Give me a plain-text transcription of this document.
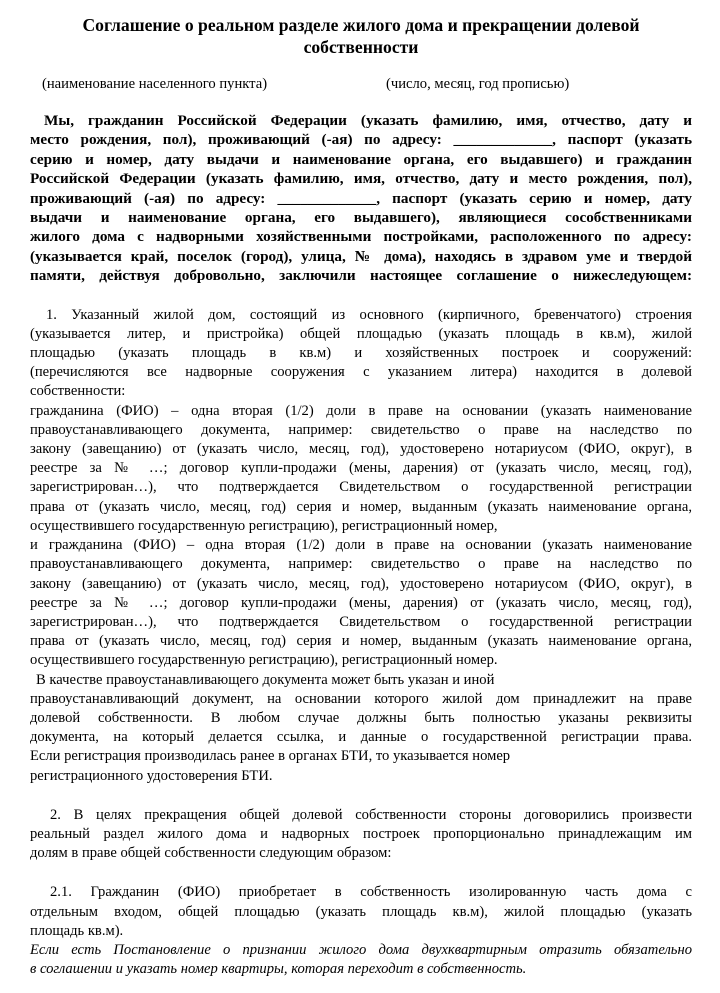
Соглашение о реальном разделе жилого дома и прекращении долевой собственности
(наименование населенного пункта)	(число, месяц, год прописью)
Мы, гражданин Российской Федерации (указать фамилию, имя, отчество, дату и
место рождения, пол), проживающий (-ая) по адресу: _____________, паспорт (указать
серию и номер, дату выдачи и наименование органа, его выдавшего) и гражданин
Российской Федерации (указать фамилию, имя, отчество, дату и место рождения, пол),
проживающий (-ая) по адресу: _____________, паспорт (указать серию и номер, дату
выдачи и наименование органа, его выдавшего), являющиеся сособственниками
жилого дома с надворными хозяйственными постройками, расположенного по адресу:
(указывается край, поселок (город), улица, № дома), находясь в здравом уме и твердой
памяти, действуя добровольно, заключили настоящее соглашение о нижеследующем:
1. Указанный жилой дом, состоящий из основного (кирпичного, бревенчатого) строения
(указывается литер, и пристройка) общей площадью (указать площадь в кв.м), жилой
площадью (указать площадь в кв.м) и хозяйственных построек и сооружений:
(перечисляются все надворные сооружения с указанием литера) находится в долевой
собственности:
гражданина (ФИО) – одна вторая (1/2) доли в праве на основании (указать наименование
правоустанавливающего документа, например: свидетельство о праве на наследство по
закону (завещанию) от (указать число, месяц, год), удостоверено нотариусом (ФИО, округ), в
реестре за № …; договор купли-продажи (мены, дарения) от (указать число, месяц, год),
зарегистрирован…), что подтверждается Свидетельством о государственной регистрации
права от (указать число, месяц, год) серия и номер, выданным (указать наименование органа,
осуществившего государственную регистрацию), регистрационный номер,
и гражданина (ФИО) – одна вторая (1/2) доли в праве на основании (указать наименование
правоустанавливающего документа, например: свидетельство о праве на наследство по
закону (завещанию) от (указать число, месяц, год), удостоверено нотариусом (ФИО, округ), в
реестре за № …; договор купли-продажи (мены, дарения) от (указать число, месяц, год),
зарегистрирован…), что подтверждается Свидетельством о государственной регистрации
права от (указать число, месяц, год) серия и номер, выданным (указать наименование органа,
осуществившего государственную регистрацию), регистрационный номер.
В качестве правоустанавливающего документа может быть указан и иной
правоустанавливающий документ, на основании которого жилой дом принадлежит на праве
долевой собственности. В любом случае должны быть полностью указаны реквизиты
документа, на который делается ссылка, и данные о государственной регистрации права.
Если регистрация производилась ранее в органах БТИ, то указывается номер
регистрационного удостоверения БТИ.
2. В целях прекращения общей долевой собственности стороны договорились произвести
реальный раздел жилого дома и надворных построек пропорционально принадлежащим им
долям в праве общей собственности следующим образом:
2.1. Гражданин (ФИО) приобретает в собственность изолированную часть дома с
отдельным входом, общей площадью (указать площадь кв.м), жилой площадью (указать
площадь кв.м).
Если есть Постановление о признании жилого дома двухквартирным отразить обязательно
в соглашении и указать номер квартиры, которая переходит в собственность.
